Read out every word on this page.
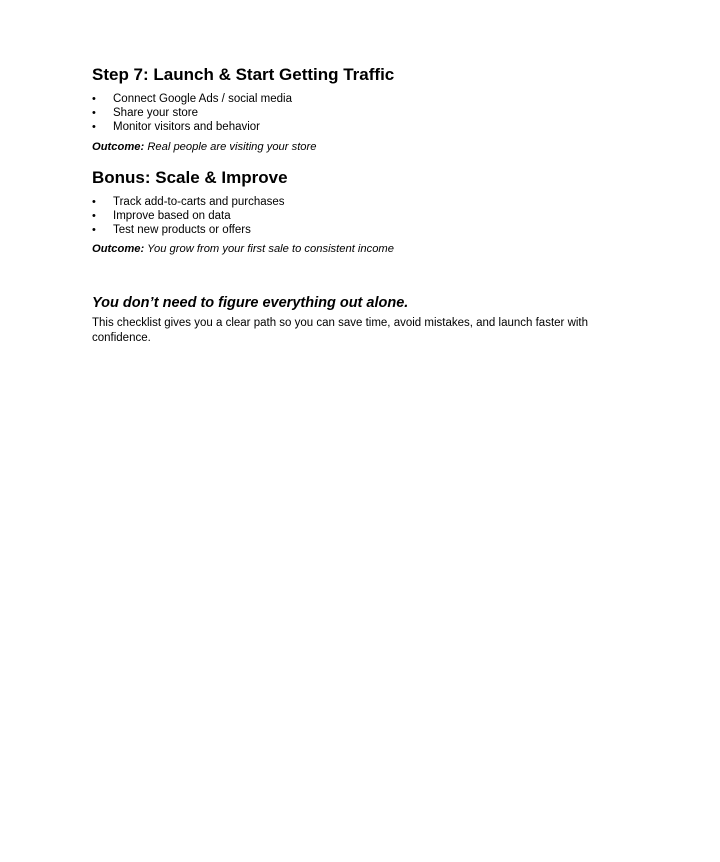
Step 7: Launch & Start Getting Traffic
• Connect Google Ads / social media
• Share your store
• Monitor visitors and behavior

Outcome: Real people are visiting your store

Bonus: Scale & Improve
• Track add-to-carts and purchases
• Improve based on data
• Test new products or offers

Outcome: You grow from your first sale to consistent income

You don’t need to figure everything out alone.

This checklist gives you a clear path so you can save time, avoid mistakes, and launch faster with confidence.
